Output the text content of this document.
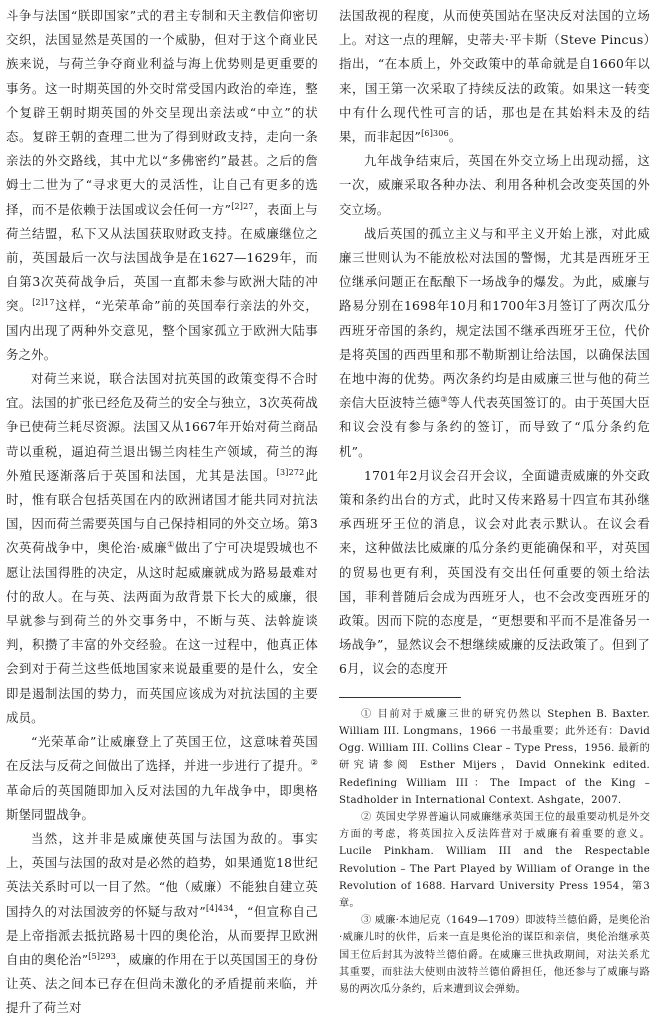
斗争与法国“朕即国家”式的君主专制和天主教信仰密切交织，法国显然是英国的一个威胁，但对于这个商业民族来说，与荷兰争夺商业利益与海上优势则是更重要的事务。这一时期英国的外交时常受国内政治的牵连，整个复辟王朝时期英国的外交呈现出亲法或“中立”的状态。复辟王朝的查理二世为了得到财政支持，走向一条亲法的外交路线，其中尤以“多佛密约”最甚。之后的詹姆士二世为了“寻求更大的灵活性，让自己有更多的选择，而不是依赖于法国或议会任何一方”$^{[2]27}$，表面上与荷兰结盟，私下又从法国获取财政支持。在威廉继位之前，英国最后一次与法国战争是在1627—1629年，而自第3次英荷战争后，英国一直都未参与欧洲大陆的冲突。$^{[2]17}$这样，“光荣革命”前的英国奉行亲法的外交，国内出现了两种外交意见，整个国家孤立于欧洲大陆事务之外。

对荷兰来说，联合法国对抗英国的政策变得不合时宜。法国的扩张已经危及荷兰的安全与独立，3次英荷战争已使荷兰耗尽资源。法国又从1667年开始对荷兰商品苛以重税，逼迫荷兰退出锡兰肉桂生产领域，荷兰的海外殖民逐渐落后于英国和法国，尤其是法国。$^{[3]272}$此时，惟有联合包括英国在内的欧洲诸国才能共同对抗法国，因而荷兰需要英国与自己保持相同的外交立场。第3次英荷战争中，奥伦治·威廉①做出了宁可决堤毁城也不愿让法国得胜的决定，从这时起威廉就成为路易最难对付的敌人。在与英、法两面为敌背景下长大的威廉，很早就参与到荷兰的外交事务中，不断与英、法斡旋谈判，积攒了丰富的外交经验。在这一过程中，他真正体会到对于荷兰这些低地国家来说最重要的是什么，安全即是遏制法国的势力，而英国应该成为对抗法国的主要成员。

“光荣革命”让威廉登上了英国王位，这意味着英国在反法与反荷之间做出了选择，并进一步进行了提升。② 革命后的英国随即加入反对法国的九年战争中，即奥格斯堡同盟战争。

当然，这并非是威廉使英国与法国为敌的。事实上，英国与法国的敌对是必然的趋势，如果通览18世纪英法关系时可以一目了然。“他（威廉）不能独自建立英国持久的对法国波旁的怀疑与敌对”$^{[4]434}$，“但宣称自己是上帝指派去抵抗路易十四的奥伦治，从而要捍卫欧洲自由的奥伦治”$^{[5]293}$，威廉的作用在于以英国国王的身份让英、法之间本已存在但尚未激化的矛盾提前来临，并提升了荷兰对

法国敌视的程度，从而使英国站在坚决反对法国的立场上。对这一点的理解，史蒂夫·平卡斯（Steve Pincus）指出，“在本质上，外交政策中的革命就是自1660年以来，国王第一次采取了持续反法的政策。如果这一转变中有什么现代性可言的话，那也是在其始料未及的结果，而非起因”$^{[6]306}$。

九年战争结束后，英国在外交立场上出现动摇，这一次，威廉采取各种办法、利用各种机会改变英国的外交立场。

战后英国的孤立主义与和平主义开始上涨，对此威廉三世则认为不能放松对法国的警惕，尤其是西班牙王位继承问题正在酝酿下一场战争的爆发。为此，威廉与路易分别在1698年10月和1700年3月签订了两次瓜分西班牙帝国的条约，规定法国不继承西班牙王位，代价是将英国的西西里和那不勒斯割让给法国，以确保法国在地中海的优势。两次条约均是由威廉三世与他的荷兰亲信大臣波特兰德③等人代表英国签订的。由于英国大臣和议会没有参与条约的签订，而导致了“瓜分条约危机”。

1701年2月议会召开会议，全面谴责威廉的外交政策和条约出台的方式，此时又传来路易十四宣布其孙继承西班牙王位的消息，议会对此表示默认。在议会看来，这种做法比威廉的瓜分条约更能确保和平，对英国的贸易也更有利，英国没有交出任何重要的领土给法国，菲利普随后会成为西班牙人，也不会改变西班牙的政策。因而下院的态度是，“更想要和平而不是准备另一场战争”，显然议会不想继续威廉的反法政策了。但到了6月，议会的态度开

① 目前对于威廉三世的研究仍然以 Stephen B. Baxter. William III. Longmans，1966 一书最重要；此外还有：David Ogg. William III. Collins Clear – Type Press，1956. 最新的研究请参阅 Esther Mijers，David Onnekink edited. Redefining William III：The Impact of the King – Stadholder in International Context. Ashgate，2007.

② 英国史学界普遍认同威廉继承英国王位的最重要动机是外交方面的考虑，将英国拉入反法阵营对于威廉有着重要的意义。Lucile Pinkham. William III and the Respectable Revolution – The Part Played by William of Orange in the Revolution of 1688. Harvard University Press 1954，第3章。

③ 威廉·本迪尼克（1649—1709）即波特兰德伯爵，是奥伦治·威廉儿时的伙伴，后来一直是奥伦治的谋臣和亲信，奥伦治继承英国王位后封其为波特兰德伯爵。在威廉三世执政期间，对法关系尤其重要，而驻法大使则由波特兰德伯爵担任，他还参与了威廉与路易的两次瓜分条约，后来遭到议会弹劾。
